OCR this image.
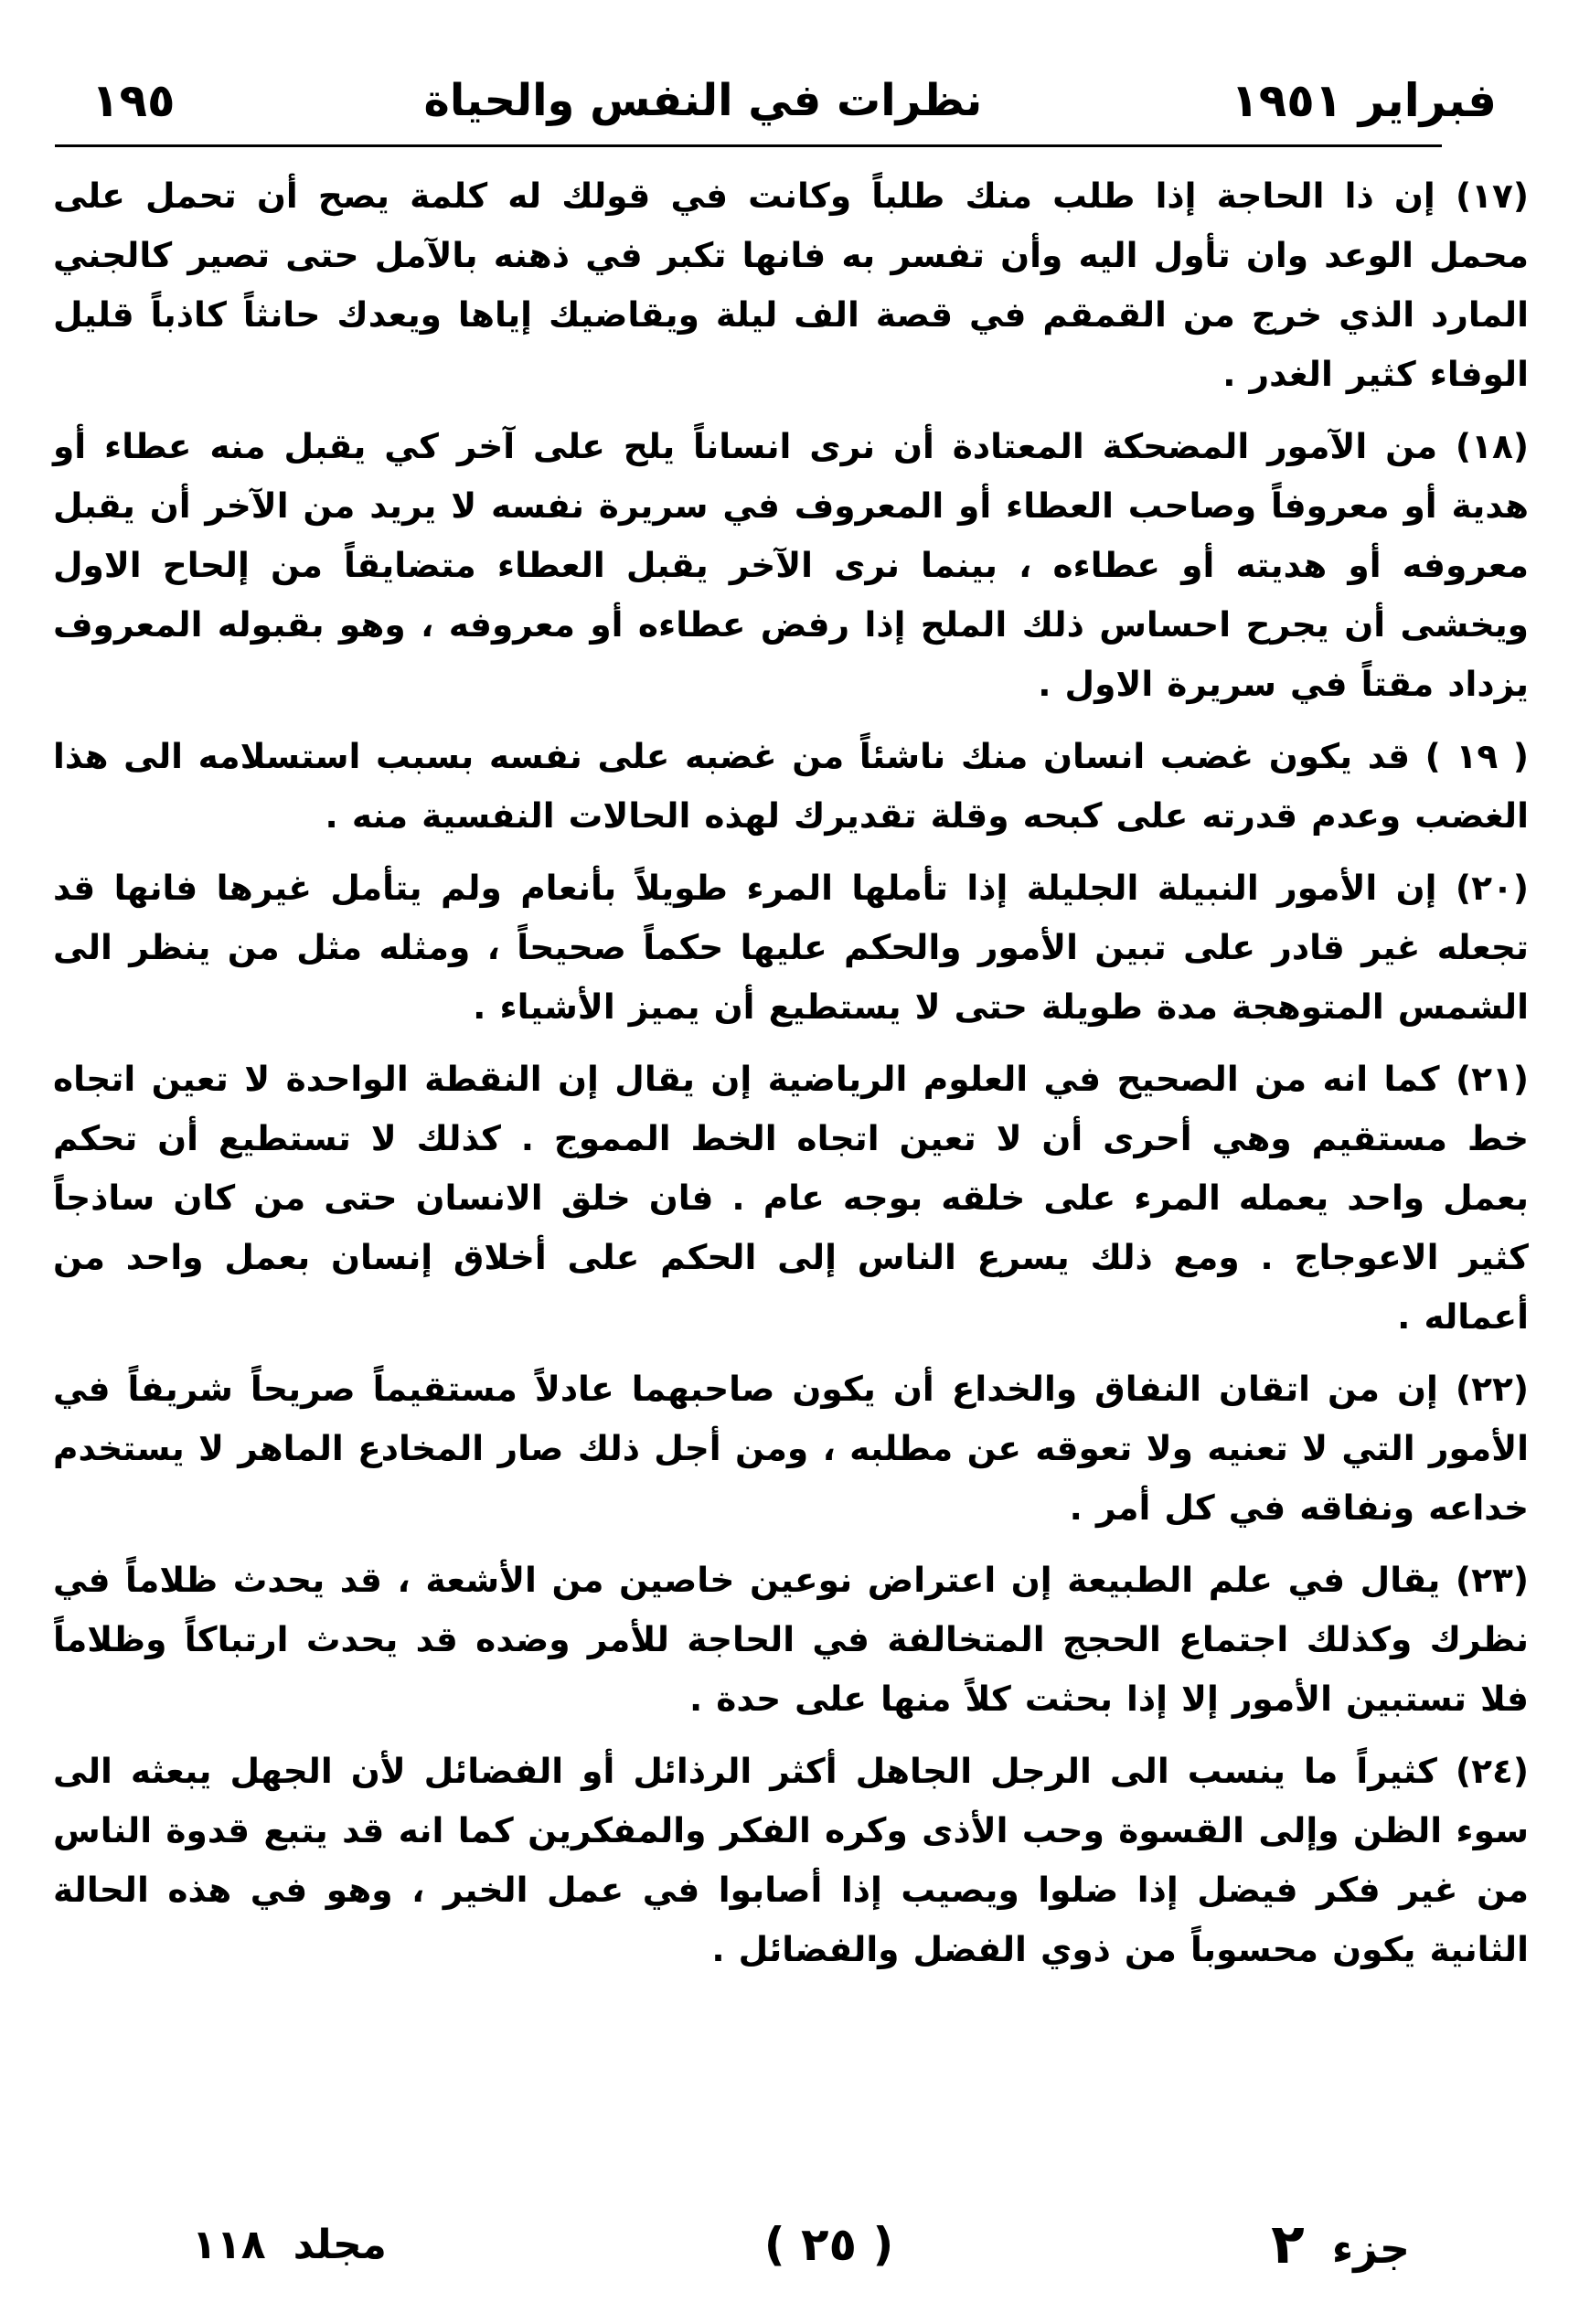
فبراير ١٩٥١
نظرات في النفس والحياة
١٩٥

(١٧) إن ذا الحاجة إذا طلب منك طلباً وكانت في قولك له كلمة يصح أن تحمل على محمل الوعد وان تأول اليه وأن تفسر به فانها تكبر في ذهنه بالآمل حتى تصير كالجني المارد الذي خرج من القمقم في قصة الف ليلة ويقاضيك إياها ويعدك حانثاً كاذباً قليل الوفاء كثير الغدر .

(١٨) من الآمور المضحكة المعتادة أن نرى انساناً يلح على آخر كي يقبل منه عطاء أو هدية أو معروفاً وصاحب العطاء أو المعروف في سريرة نفسه لا يريد من الآخر أن يقبل معروفه أو هديته أو عطاءه ، بينما نرى الآخر يقبل العطاء متضايقاً من إلحاح الاول ويخشى أن يجرح احساس ذلك الملح إذا رفض عطاءه أو معروفه ، وهو بقبوله المعروف يزداد مقتاً في سريرة الاول .

( ١٩ ) قد يكون غضب انسان منك ناشئاً من غضبه على نفسه بسبب استسلامه الى هذا الغضب وعدم قدرته على كبحه وقلة تقديرك لهذه الحالات النفسية منه .

(٢٠) إن الأمور النبيلة الجليلة إذا تأملها المرء طويلاً بأنعام ولم يتأمل غيرها فانها قد تجعله غير قادر على تبين الأمور والحكم عليها حكماً صحيحاً ، ومثله مثل من ينظر الى الشمس المتوهجة مدة طويلة حتى لا يستطيع أن يميز الأشياء .

(٢١) كما انه من الصحيح في العلوم الرياضية إن يقال إن النقطة الواحدة لا تعين اتجاه خط مستقيم وهي أحرى أن لا تعين اتجاه الخط المموج . كذلك لا تستطيع أن تحكم بعمل واحد يعمله المرء على خلقه بوجه عام . فان خلق الانسان حتى من كان ساذجاً كثير الاعوجاج . ومع ذلك يسرع الناس إلى الحكم على أخلاق إنسان بعمل واحد من أعماله .

(٢٢) إن من اتقان النفاق والخداع أن يكون صاحبهما عادلاً مستقيماً صريحاً شريفاً في الأمور التي لا تعنيه ولا تعوقه عن مطلبه ، ومن أجل ذلك صار المخادع الماهر لا يستخدم خداعه ونفاقه في كل أمر .

(٢٣) يقال في علم الطبيعة إن اعتراض نوعين خاصين من الأشعة ، قد يحدث ظلاماً في نظرك وكذلك اجتماع الحجج المتخالفة في الحاجة للأمر وضده قد يحدث ارتباكاً وظلاماً فلا تستبين الأمور إلا إذا بحثت كلاً منها على حدة .

(٢٤) كثيراً ما ينسب الى الرجل الجاهل أكثر الرذائل أو الفضائل لأن الجهل يبعثه الى سوء الظن وإلى القسوة وحب الأذى وكره الفكر والمفكرين كما انه قد يتبع قدوة الناس من غير فكر فيضل إذا ضلوا ويصيب إذا أصابوا في عمل الخير ، وهو في هذه الحالة الثانية يكون محسوباً من ذوي الفضل والفضائل .

جزء
٢
( ٢٥ )
مجلد
١١٨
